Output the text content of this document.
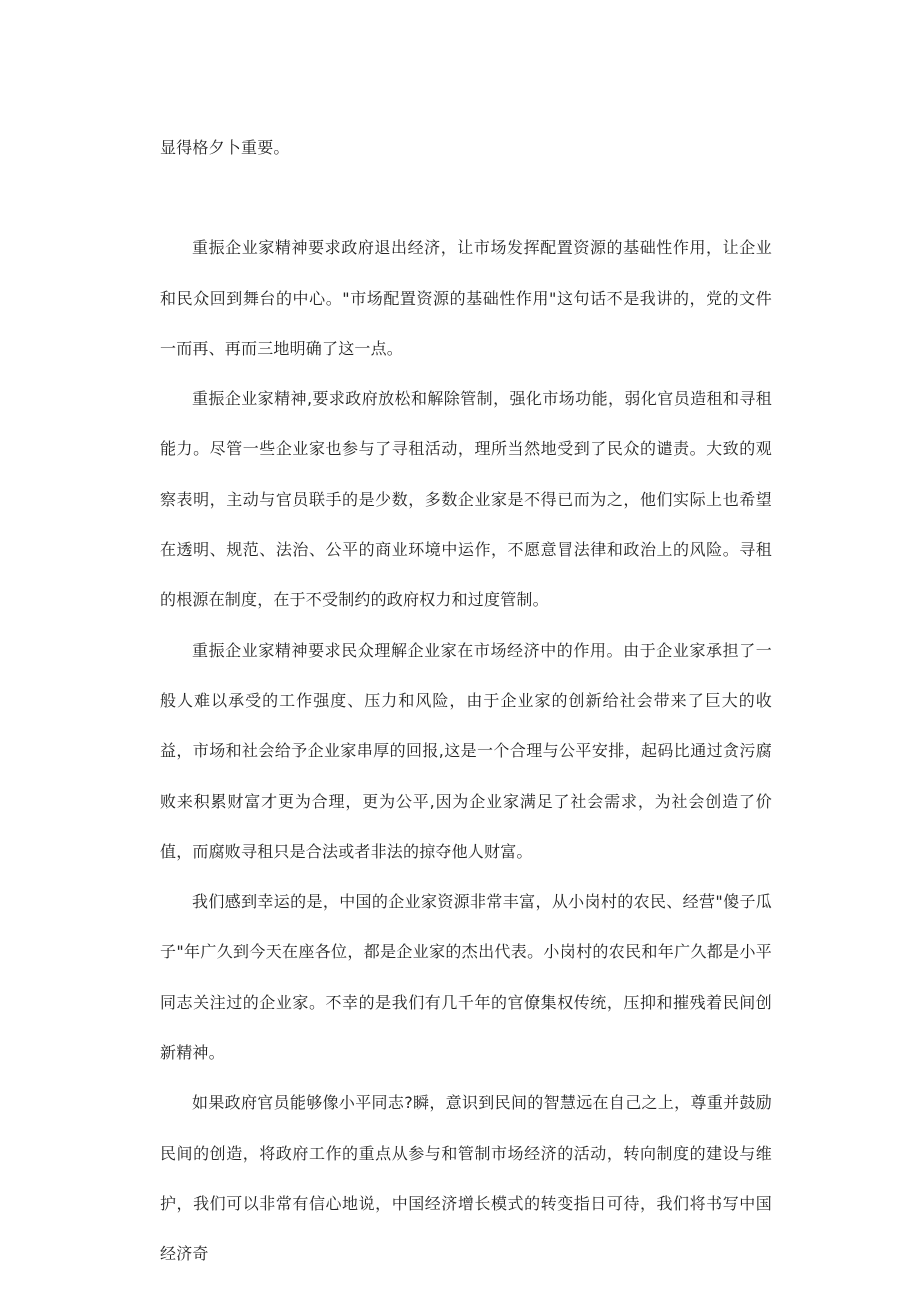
显得格夕卜重要。

重振企业家精神要求政府退出经济，让市场发挥配置资源的基础性作用，让企业和民众回到舞台的中心。"市场配置资源的基础性作用"这句话不是我讲的，党的文件一而再、再而三地明确了这一点。

重振企业家精神,要求政府放松和解除管制，强化市场功能，弱化官员造租和寻租能力。尽管一些企业家也参与了寻租活动，理所当然地受到了民众的谴责。大致的观察表明，主动与官员联手的是少数，多数企业家是不得已而为之，他们实际上也希望在透明、规范、法治、公平的商业环境中运作，不愿意冒法律和政治上的风险。寻租的根源在制度，在于不受制约的政府权力和过度管制。

重振企业家精神要求民众理解企业家在市场经济中的作用。由于企业家承担了一般人难以承受的工作强度、压力和风险，由于企业家的创新给社会带来了巨大的收益，市场和社会给予企业家串厚的回报,这是一个合理与公平安排，起码比通过贪污腐败来积累财富才更为合理，更为公平,因为企业家满足了社会需求，为社会创造了价值，而腐败寻租只是合法或者非法的掠夺他人财富。

我们感到幸运的是，中国的企业家资源非常丰富，从小岗村的农民、经营"傻子瓜子"年广久到今天在座各位，都是企业家的杰出代表。小岗村的农民和年广久都是小平同志关注过的企业家。不幸的是我们有几千年的官僚集权传统，压抑和摧残着民间创新精神。

如果政府官员能够像小平同志?瞬，意识到民间的智慧远在自己之上，尊重并鼓励民间的创造，将政府工作的重点从参与和管制市场经济的活动，转向制度的建设与维护，我们可以非常有信心地说，中国经济增长模式的转变指日可待，我们将书写中国经济奇
